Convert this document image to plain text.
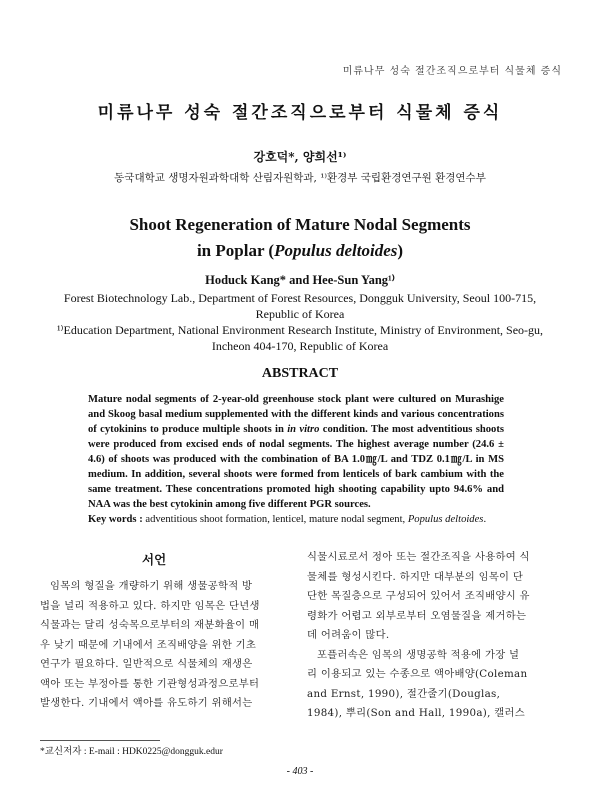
미류나무 성숙 절간조직으로부터 식물체 증식
미류나무 성숙 절간조직으로부터 식물체 증식
강호덕*, 양희선¹⁾
동국대학교 생명자원과학대학 산림자원학과, ¹⁾환경부 국립환경연구원 환경연수부
Shoot Regeneration of Mature Nodal Segments
in Poplar (Populus deltoides)
Hoduck Kang* and Hee-Sun Yang¹⁾
Forest Biotechnology Lab., Department of Forest Resources, Dongguk University, Seoul 100-715,
Republic of Korea
¹⁾Education Department, National Environment Research Institute, Ministry of Environment, Seo-gu,
Incheon 404-170, Republic of Korea
ABSTRACT
Mature nodal segments of 2-year-old greenhouse stock plant were cultured on Murashige and Skoog basal medium supplemented with the different kinds and various concentrations of cytokinins to produce multiple shoots in in vitro condition. The most adventitious shoots were produced from excised ends of nodal segments. The highest average number (24.6 ± 4.6) of shoots was produced with the combination of BA 1.0㎎/L and TDZ 0.1㎎/L in MS medium. In addition, several shoots were formed from lenticels of bark cambium with the same treatment. These concentrations promoted high shooting capability upto 94.6% and NAA was the best cytokinin among five different PGR sources.
Key words : adventitious shoot formation, lenticel, mature nodal segment, Populus deltoides.
서언
임목의 형질을 개량하기 위해 생물공학적 방
법을 널리 적용하고 있다. 하지만 임목은 단년생
식물과는 달리 성숙목으로부터의 재분화율이 매
우 낮기 때문에 기내에서 조직배양을 위한 기초
연구가 필요하다. 일반적으로 식물체의 재생은
액아 또는 부정아를 통한 기관형성과정으로부터
발생한다. 기내에서 액아를 유도하기 위해서는
식물시료로서 정아 또는 절간조직을 사용하여 식
물체를 형성시킨다. 하지만 대부분의 임목이 단
단한 목질층으로 구성되어 있어서 조직배양시 유
령화가 어렵고 외부로부터 오염물질을 제거하는
데 어려움이 많다.
포플러속은 임목의 생명공학 적용에 가장 널
리 이용되고 있는 수종으로 액아배양(Coleman
and Ernst, 1990), 절간줄기(Douglas,
1984), 뿌리(Son and Hall, 1990a), 캘러스
*교신저자 : E-mail : HDK0225@dongguk.edur
- 403 -
